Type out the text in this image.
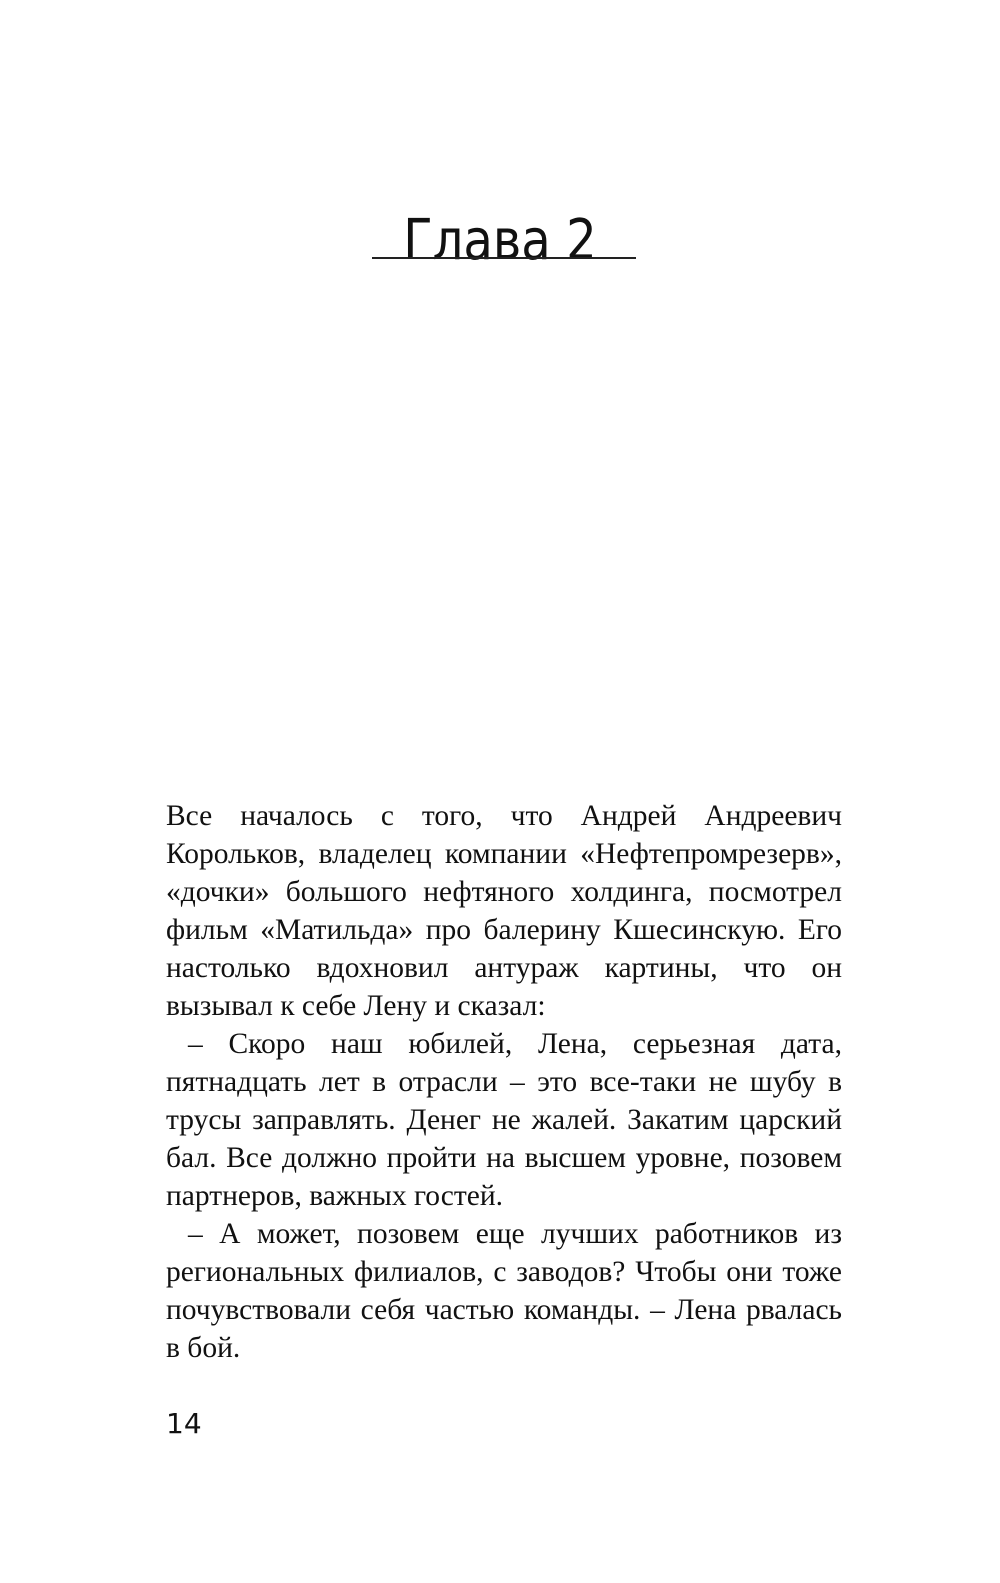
Глава 2

Все началось с того, что Андрей Андреевич Корольков, владелец компании «Нефтепромрезерв», «дочки» большого нефтяного холдинга, посмотрел фильм «Матильда» про балерину Кшесинскую. Его настолько вдохновил антураж картины, что он вызывал к себе Лену и сказал:

– Скоро наш юбилей, Лена, серьезная дата, пятнадцать лет в отрасли – это все-таки не шубу в трусы заправлять. Денег не жалей. Закатим царский бал. Все должно пройти на высшем уровне, позовем партнеров, важных гостей.

– А может, позовем еще лучших работников из региональных филиалов, с заводов? Чтобы они тоже почувствовали себя частью команды. – Лена рвалась в бой.

14
